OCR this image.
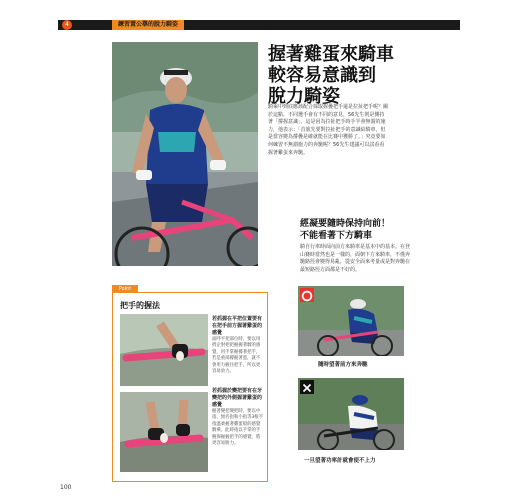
4	練習置公擧的脫力騎姿
握著雞蛋來騎車
較容易意識到
脫力騎姿
騎乘中到底應該配合採取握疊把手還是拉扯把手呢？關於這點，不同選手會有不同的意見，56先生則是側持著「撐握意識」，這是因為拉扯把手時手半會無謂的施力，他表示：「首旅先要對拉扯把手的意識給騎車，但是當容變為撐疊是確就能在比賽中獲勝了。」究竟要如何練習不無謂施力的奔馳呢？56先生建議可以試看看握著雞蛋來奔馳。
經凝要隨時保持向前！
不能看著下方騎車
騎自行車時面向前方來騎車是基本中的基本。在登山賽時當然也是一樣的，面朝下方來騎車，不僅奔馳路徑會變得易亂，從安全面來考量或是對奔馳在最短路徑方面都是不好的。
Point
把手的握法
若抓握在平把位置要有在把手前方握著雞蛋的感覺
面呼平把部位時，要以用拇企射把把握握著騎的感覺，用手掌握撐著把手，若是重部撐握著蛋，就不會用力握住把手，所以更容易放力。
若抓握於變把要有在牙變把的外側握著雞蛋的感覺
握著變把變把時，要以中指、無名指和小指等3根手指溫柔握著雞蛋般的感覺騎乘。此時指以手掌的手腕保握握把手的感覺，將更容易脫力。
隨時望著前方來奔馳
一旦望著功率計就會使不上力
100
